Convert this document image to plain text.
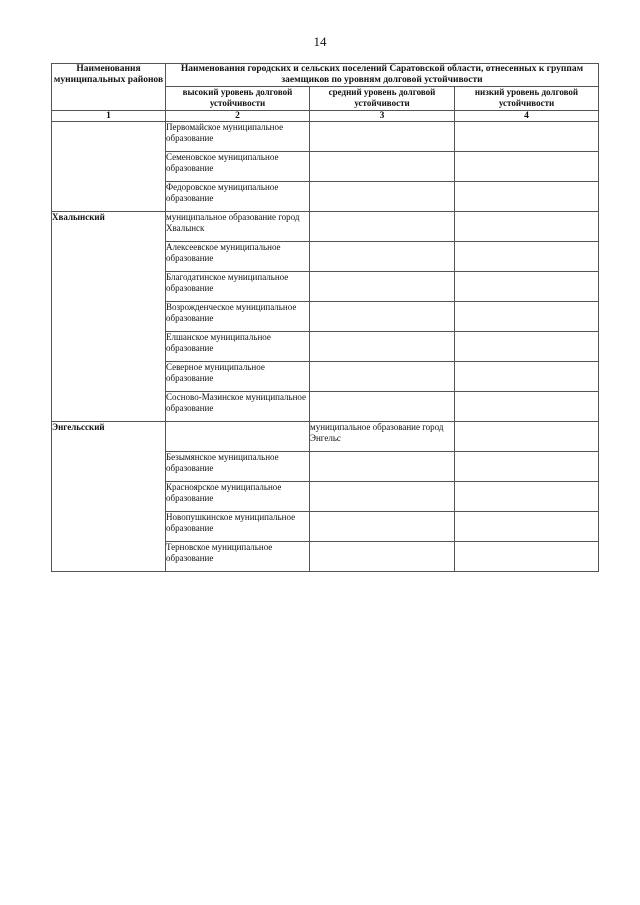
14
Наименования муниципальных районов	Наименования городских и сельских поселений Саратовской области, отнесенных к группам заемщиков по уровням долговой устойчивости		
	высокий уровень долговой устойчивости	средний уровень долговой устойчивости	низкий уровень долговой устойчивости
1	2	3	4
	Первомайское муниципальное образование		
	Семеновское муниципальное образование		
	Федоровское муниципальное образование		
Хвалынский	муниципальное образование город Хвалынск		
	Алексеевское муниципальное образование		
	Благодатинское муниципальное образование		
	Возрожденческое муниципальное образование		
	Елшанское муниципальное образование		
	Северное муниципальное образование		
	Сосново-Мазинское муниципальное образование		
Энгельсский		муниципальное образование город Энгельс	
	Безымянское муниципальное образование		
	Красноярское муниципальное образование		
	Новопушкинское муниципальное образование		
	Терновское муниципальное образование		
